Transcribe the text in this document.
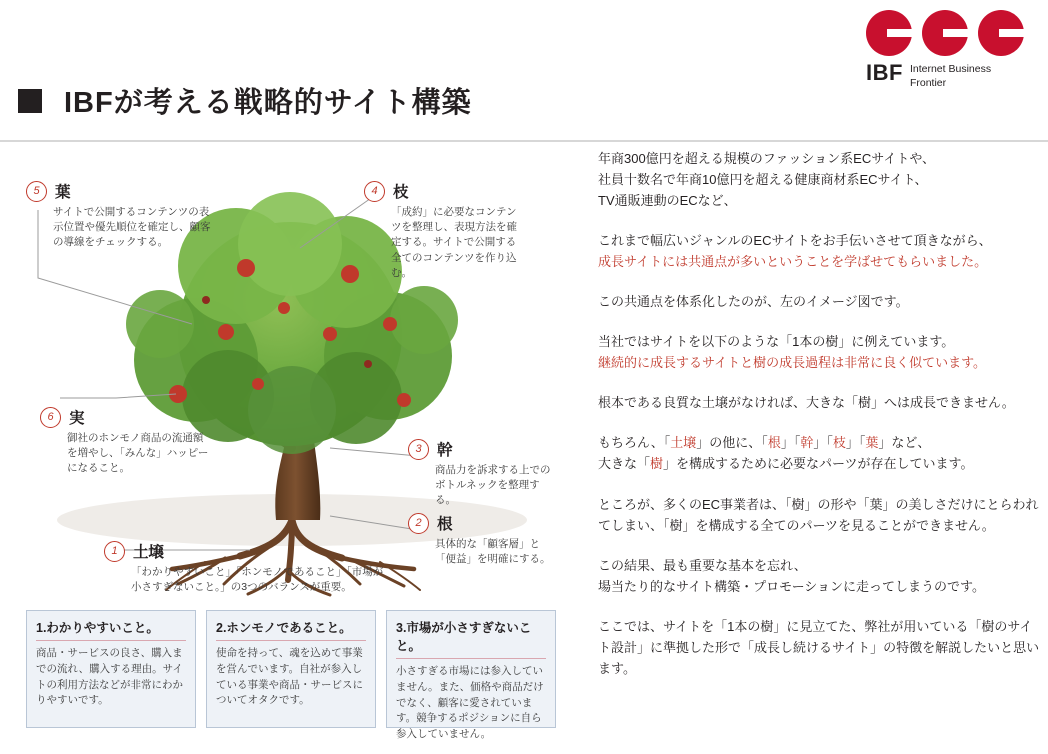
IBF Internet Business
Frontier
IBFが考える戦略的サイト構築
5 葉
サイトで公開するコンテンツの表示位置や優先順位を確定し、顧客の導線をチェックする。
4 枝
「成約」に必要なコンテンツを整理し、表現方法を確定する。サイトで公開する全てのコンテンツを作り込む。
6 実
御社のホンモノ商品の流通額を増やし、「みんな」ハッピーになること。
3 幹
商品力を訴求する上でのボトルネックを整理する。
2 根
具体的な「顧客層」と「便益」を明確にする。
1 土壌
「わかりやすいこと」「ホンモノであること」「市場が小さすぎないこと。」の3つのバランスが重要。
1.わかりやすいこと。
商品・サービスの良さ、購入までの流れ、購入する理由。サイトの利用方法などが非常にわかりやすいです。
2.ホンモノであること。
使命を持って、魂を込めて事業を営んでいます。自社が参入している事業や商品・サービスについてオタクです。
3.市場が小さすぎないこと。
小さすぎる市場には参入していません。また、価格や商品だけでなく、顧客に愛されています。競争するポジションに自ら参入していません。

年商300億円を超える規模のファッション系ECサイトや、
社員十数名で年商10億円を超える健康商材系ECサイト、
TV通販連動のECなど、

これまで幅広いジャンルのECサイトをお手伝いさせて頂きながら、
成長サイトには共通点が多いということを学ばせてもらいました。

この共通点を体系化したのが、左のイメージ図です。

当社ではサイトを以下のような「1本の樹」に例えています。
継続的に成長するサイトと樹の成長過程は非常に良く似ています。

根本である良質な土壌がなければ、大きな「樹」へは成長できません。

もちろん、「土壌」の他に、「根」「幹」「枝」「葉」など、
大きな「樹」を構成するために必要なパーツが存在しています。

ところが、多くのEC事業者は、「樹」の形や「葉」の美しさだけにとらわれ
てしまい、「樹」を構成する全てのパーツを見ることができません。

この結果、最も重要な基本を忘れ、
場当たり的なサイト構築・プロモーションに走ってしまうのです。

ここでは、サイトを「1本の樹」に見立てた、弊社が用いている「樹のサイ
ト設計」に準拠した形で「成長し続けるサイト」の特徴を解説したいと思い
ます。
